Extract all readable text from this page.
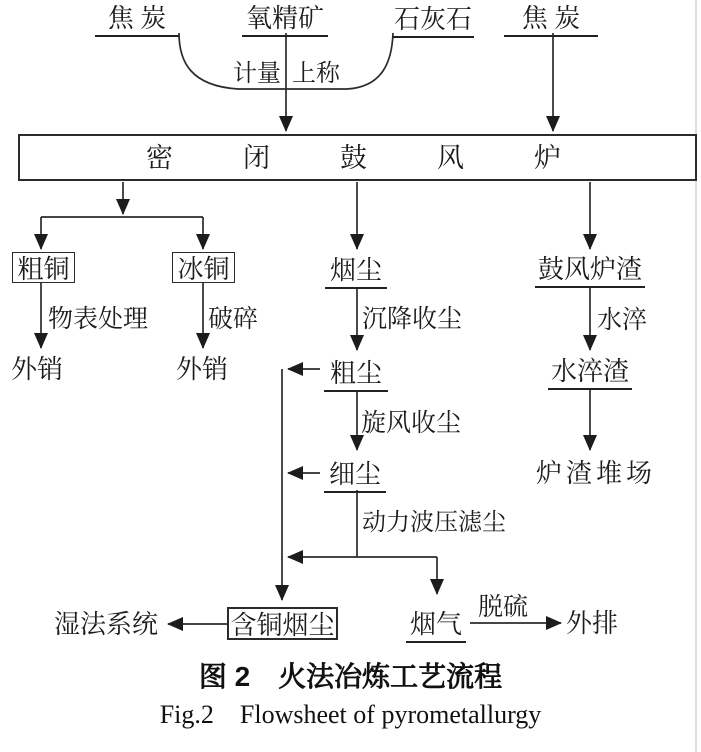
焦 炭	氧精矿	石灰石	焦 炭
计量 上称
密闭鼓风炉
粗铜	冰铜	烟尘	鼓风炉渣
物表处理 破碎	沉降收尘	水淬
旋风收尘
动力波压滤尘
脱硫
外销	外销	粗尘
细尘
水淬渣
炉渣堆场
湿法系统	含铜烟尘	烟气	外排
图 2　火法冶炼工艺流程
Fig.2　Flowsheet of pyrometallurgy
